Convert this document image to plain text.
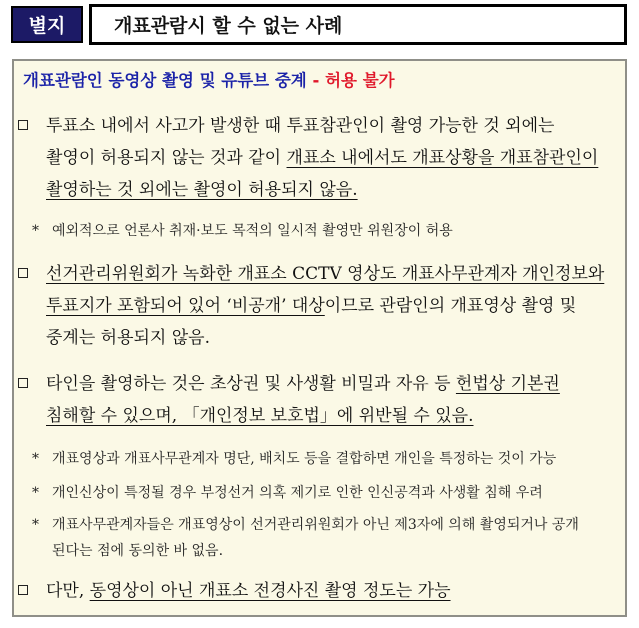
별지	개표관람시 할 수 없는 사례
개표관람인 동영상 촬영 및 유튜브 중계 - 허용 불가
투표소 내에서 사고가 발생한 때 투표참관인이 촬영 가능한 것 외에는
촬영이 허용되지 않는 것과 같이 개표소 내에서도 개표상황을 개표참관인이
촬영하는 것 외에는 촬영이 허용되지 않음.
* 예외적으로 언론사 취재·보도 목적의 일시적 촬영만 위원장이 허용
선거관리위원회가 녹화한 개표소 CCTV 영상도 개표사무관계자 개인정보와
투표지가 포함되어 있어 ‘비공개’ 대상이므로 관람인의 개표영상 촬영 및
중계는 허용되지 않음.
타인을 촬영하는 것은 초상권 및 사생활 비밀과 자유 등 헌법상 기본권
침해할 수 있으며, 「개인정보 보호법」에 위반될 수 있음.
* 개표영상과 개표사무관계자 명단, 배치도 등을 결합하면 개인을 특정하는 것이 가능
* 개인신상이 특정될 경우 부정선거 의혹 제기로 인한 인신공격과 사생활 침해 우려
* 개표사무관계자들은 개표영상이 선거관리위원회가 아닌 제3자에 의해 촬영되거나 공개
된다는 점에 동의한 바 없음.
다만, 동영상이 아닌 개표소 전경사진 촬영 정도는 가능
